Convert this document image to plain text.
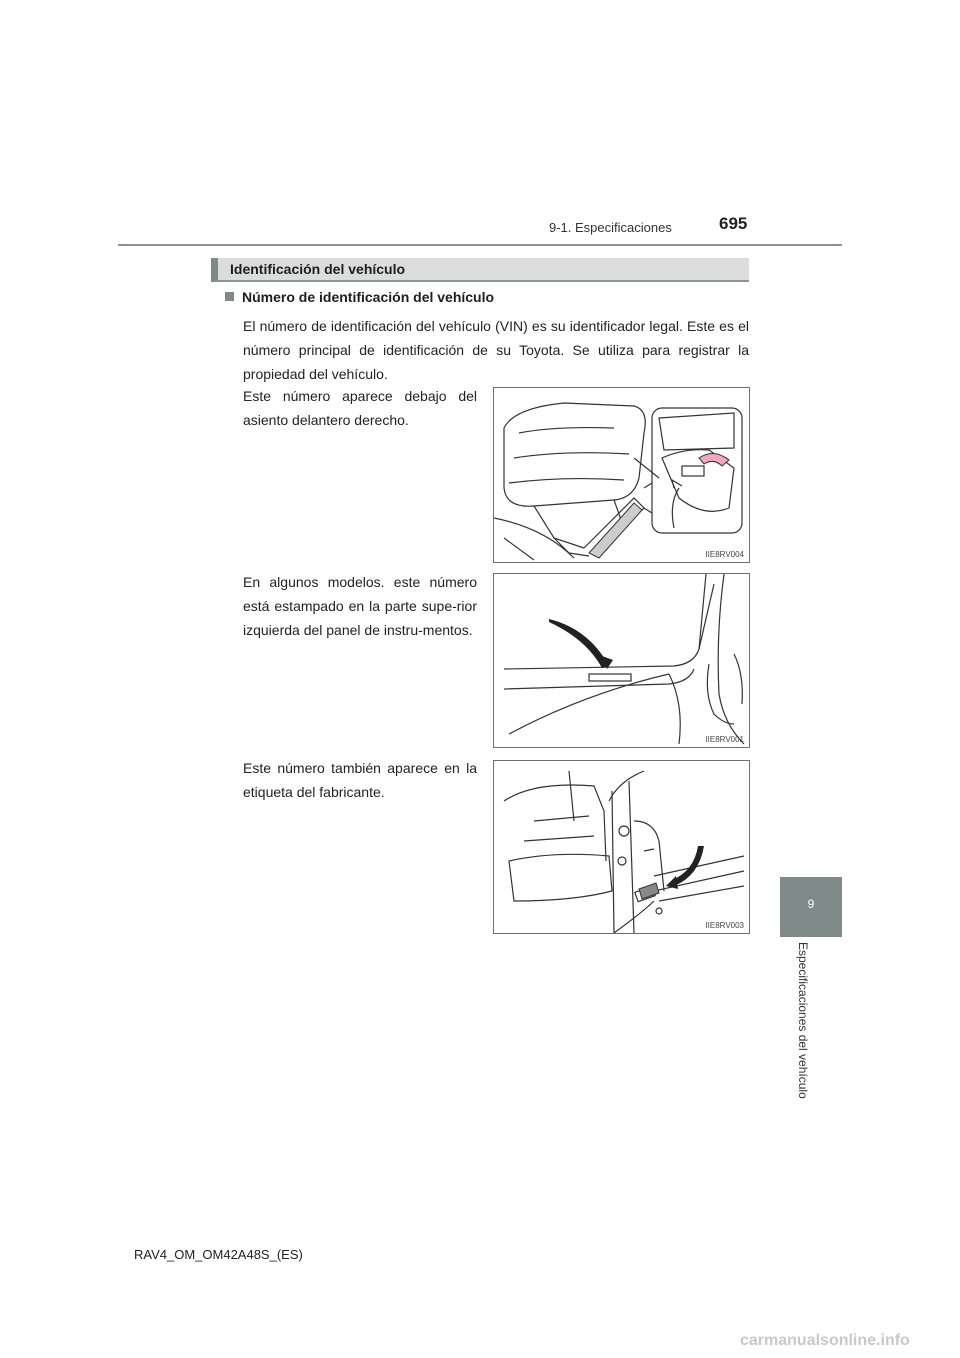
9-1. Especificaciones	695
Identificación del vehículo
Número de identificación del vehículo
El número de identificación del vehículo (VIN) es su identificador legal. Este es el número principal de identificación de su Toyota. Se utiliza para registrar la propiedad del vehículo.
Este número aparece debajo del asiento delantero derecho.
IIE8RV004
En algunos modelos. este número está estampado en la parte supe-rior izquierda del panel de instru-mentos.
IIE8RV001
Este número también aparece en la etiqueta del fabricante.
IIE8RV003
9
Especificaciones del vehículo
RAV4_OM_OM42A48S_(ES)
carmanualsonline.info
